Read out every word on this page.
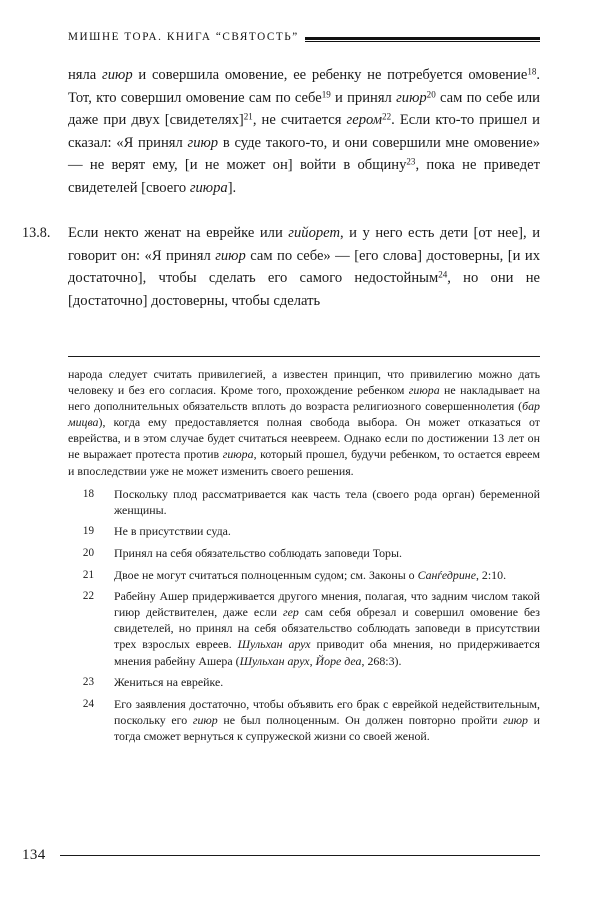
МИШНЕ ТОРА. КНИГА “СВЯТОСТЬ”
няла гиюр и совершила омовение, ее ребенку не потребуется омовение$^{18}$. Тот, кто совершил омовение сам по себе$^{19}$ и принял гиюр$^{20}$ сам по себе или даже при двух [свидетелях]$^{21}$, не считается гером$^{22}$. Если кто-то пришел и сказал: «Я принял гиюр в суде такого-то, и они совершили мне омовение» — не верят ему, [и не может он] войти в общину$^{23}$, пока не приведет свидетелей [своего гиюра].
13.8.	Если некто женат на еврейке или гийорет, и у него есть дети [от нее], и говорит он: «Я принял гиюр сам по себе» — [его слова] достоверны, [и их достаточно], чтобы сделать его самого недостойным$^{24}$, но они не [достаточно] достоверны, чтобы сделать
народа следует считать привилегией, а известен принцип, что привилегию можно дать человеку и без его согласия. Кроме того, прохождение ребенком гиюра не накладывает на него дополнительных обязательств вплоть до возраста религиозного совершеннолетия (бар мицва), когда ему предоставляется полная свобода выбора. Он может отказаться от еврейства, и в этом случае будет считаться неевреем. Однако если по достижении 13 лет он не выражает протеста против гиюра, который прошел, будучи ребенком, то остается евреем и впоследствии уже не может изменить своего решения.
18 Поскольку плод рассматривается как часть тела (своего рода орган) беременной женщины.
19 Не в присутствии суда.
20 Принял на себя обязательство соблюдать заповеди Торы.
21 Двое не могут считаться полноценным судом; см. Законы о Санѓедрине, 2:10.
22 Рабейну Ашер придерживается другого мнения, полагая, что задним числом такой гиюр действителен, даже если гер сам себя обрезал и совершил омовение без свидетелей, но принял на себя обязательство соблюдать заповеди в присутствии трех взрослых евреев. Шульхан арух приводит оба мнения, но придерживается мнения рабейну Ашера (Шульхан арух, Йоре деа, 268:3).
23 Жениться на еврейке.
24 Его заявления достаточно, чтобы объявить его брак с еврейкой недействительным, поскольку его гиюр не был полноценным. Он должен повторно пройти гиюр и тогда сможет вернуться к супружеской жизни со своей женой.
134
